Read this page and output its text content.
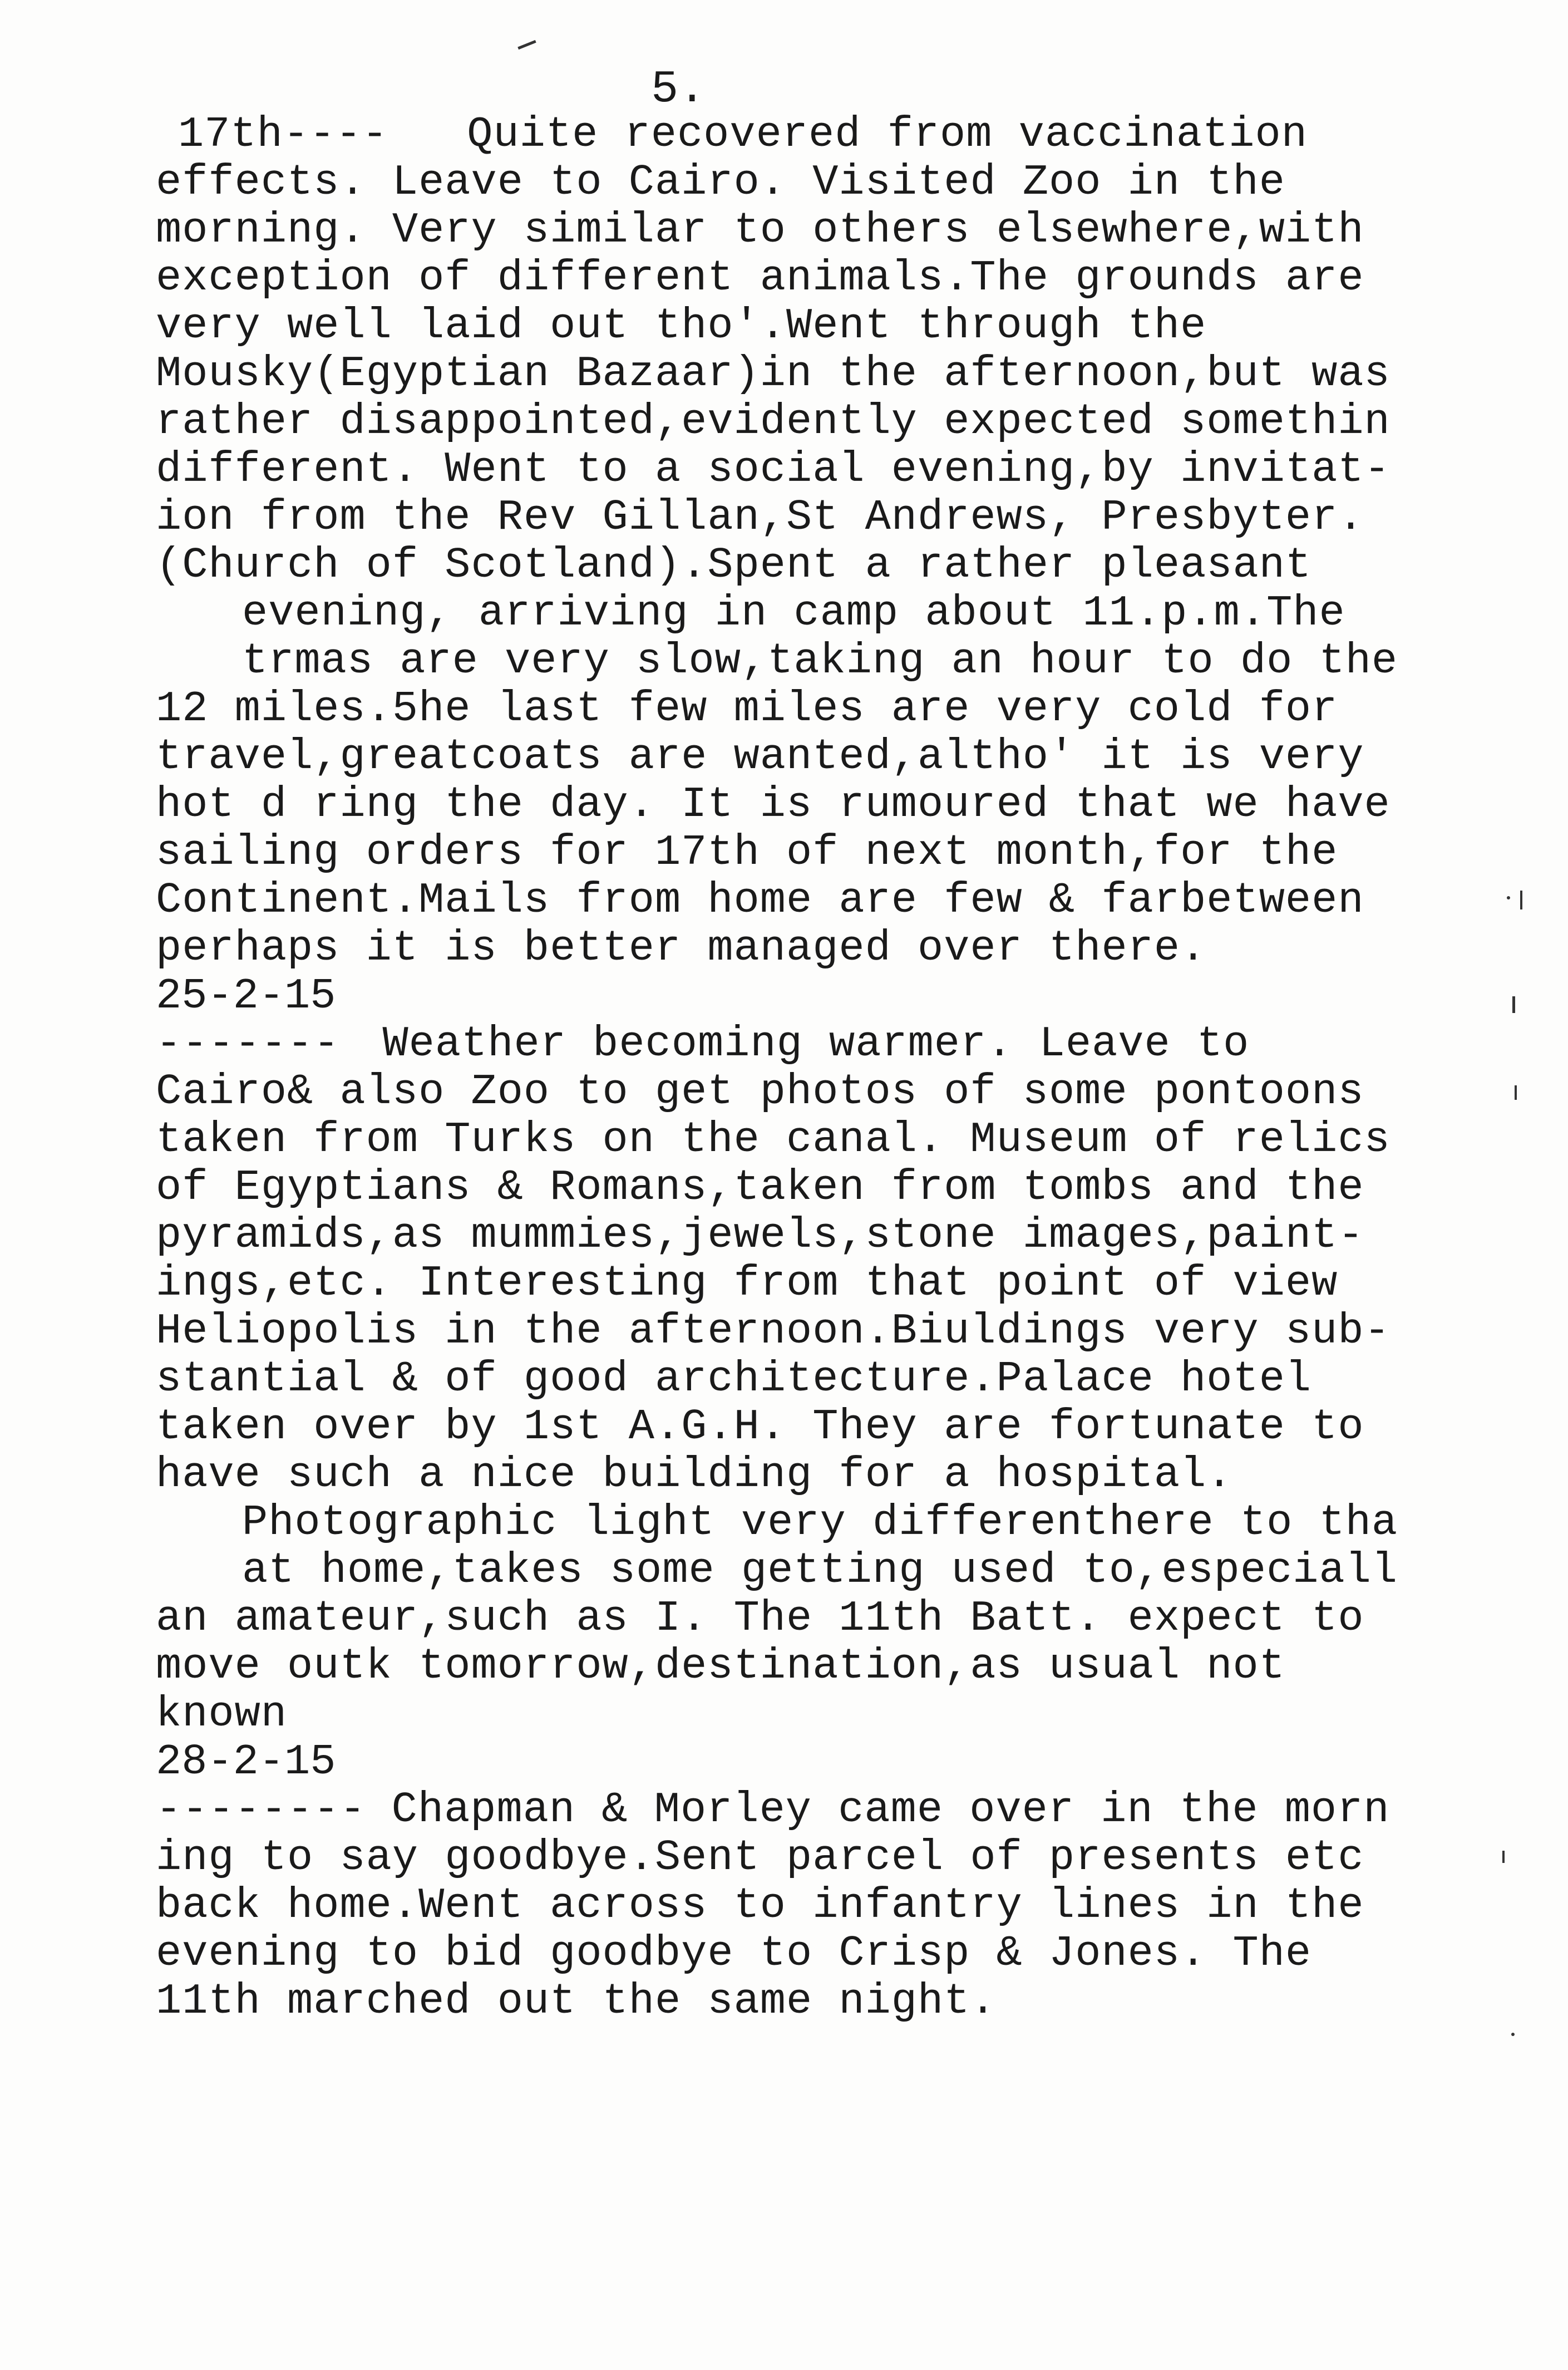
5.
17th----   Quite recovered from vaccination
effects. Leave to Cairo. Visited Zoo in the
morning. Very similar to others elsewhere,with
exception of different animals.The grounds are
very well laid out tho'.Went through the
Mousky(Egyptian Bazaar)in the afternoon,but was
rather disappointed,evidently expected somethin
different. Went to a social evening,by invitat-
ion from the Rev Gillan,St Andrews, Presbyter.
(Church of Scotland).Spent a rather pleasant
evening, arriving in camp about 11.p.m.The
trmas are very slow,taking an hour to do the
12 miles.5he last few miles are very cold for
travel,greatcoats are wanted,altho' it is very
hot d ring the day. It is rumoured that we have
sailing orders for 17th of next month,for the
Continent.Mails from home are few & farbetween
perhaps it is better managed over there.
25-2-15
------- Weather becoming warmer. Leave to
Cairo& also Zoo to get photos of some pontoons
taken from Turks on the canal. Museum of relics
of Egyptians & Romans,taken from tombs and the
pyramids,as mummies,jewels,stone images,paint-
ings,etc. Interesting from that point of view
Heliopolis in the afternoon.Biuldings very sub-
stantial & of good architecture.Palace hotel
taken over by 1st A.G.H. They are fortunate to
have such a nice building for a hospital.
Photographic light very differenthere to tha
at home,takes some getting used to,especiall
an amateur,such as I. The 11th Batt. expect to
move outk tomorrow,destination,as usual not
known
28-2-15
-------- Chapman & Morley came over in the morn
ing to say goodbye.Sent parcel of presents etc
back home.Went across to infantry lines in the
evening to bid goodbye to Crisp & Jones. The
11th marched out the same night.
